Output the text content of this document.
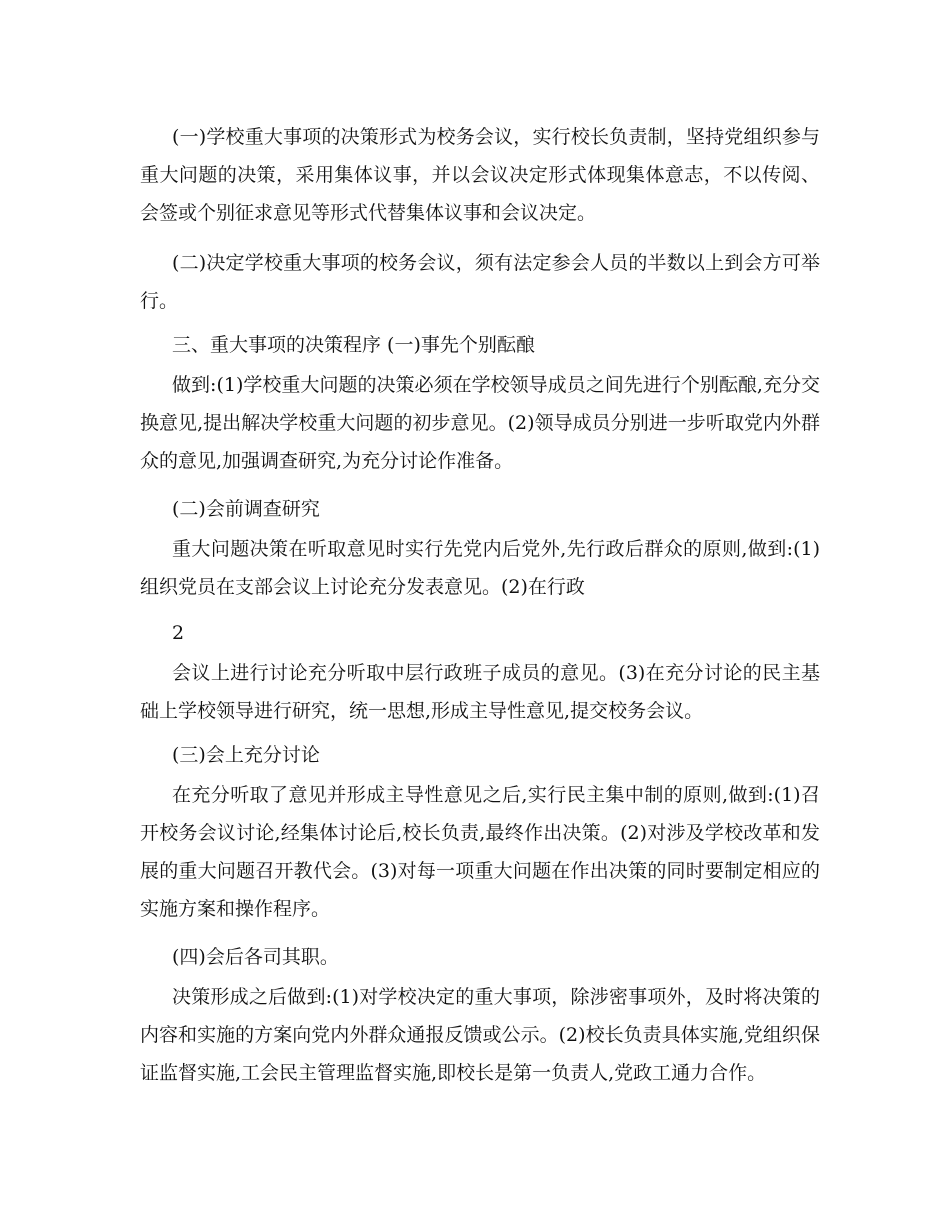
(一)学校重大事项的决策形式为校务会议，实行校长负责制，坚持党组织参与重大问题的决策，采用集体议事，并以会议决定形式体现集体意志，不以传阅、会签或个别征求意见等形式代替集体议事和会议决定。

(二)决定学校重大事项的校务会议，须有法定参会人员的半数以上到会方可举行。

三、重大事项的决策程序 (一)事先个别酝酿

做到:(1)学校重大问题的决策必须在学校领导成员之间先进行个别酝酿,充分交换意见,提出解决学校重大问题的初步意见。(2)领导成员分别进一步听取党内外群众的意见,加强调查研究,为充分讨论作准备。

(二)会前调查研究

重大问题决策在听取意见时实行先党内后党外,先行政后群众的原则,做到:(1)组织党员在支部会议上讨论充分发表意见。(2)在行政

2

会议上进行讨论充分听取中层行政班子成员的意见。(3)在充分讨论的民主基础上学校领导进行研究，统一思想,形成主导性意见,提交校务会议。

(三)会上充分讨论

在充分听取了意见并形成主导性意见之后,实行民主集中制的原则,做到:(1)召开校务会议讨论,经集体讨论后,校长负责,最终作出决策。(2)对涉及学校改革和发展的重大问题召开教代会。(3)对每一项重大问题在作出决策的同时要制定相应的实施方案和操作程序。

(四)会后各司其职。

决策形成之后做到:(1)对学校决定的重大事项，除涉密事项外，及时将决策的内容和实施的方案向党内外群众通报反馈或公示。(2)校长负责具体实施,党组织保证监督实施,工会民主管理监督实施,即校长是第一负责人,党政工通力合作。
